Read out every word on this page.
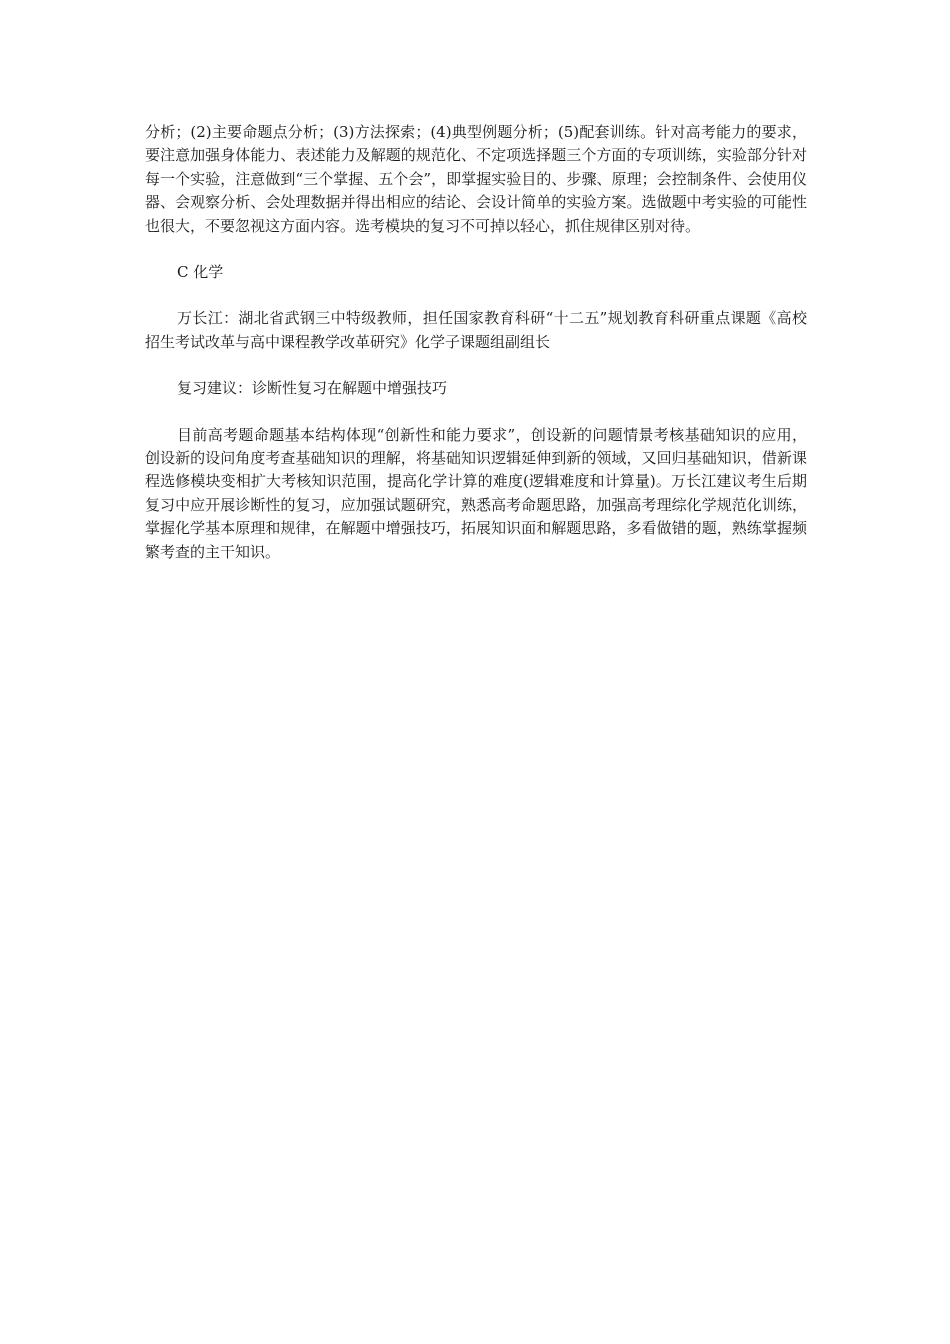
分析；(2)主要命题点分析；(3)方法探索；(4)典型例题分析；(5)配套训练。针对高考能力的要求，要注意加强身体能力、表述能力及解题的规范化、不定项选择题三个方面的专项训练，实验部分针对每一个实验，注意做到“三个掌握、五个会”，即掌握实验目的、步骤、原理；会控制条件、会使用仪器、会观察分析、会处理数据并得出相应的结论、会设计简单的实验方案。选做题中考实验的可能性也很大，不要忽视这方面内容。选考模块的复习不可掉以轻心，抓住规律区别对待。

C 化学

万长江：湖北省武钢三中特级教师，担任国家教育科研“十二五”规划教育科研重点课题《高校招生考试改革与高中课程教学改革研究》化学子课题组副组长

复习建议：诊断性复习在解题中增强技巧

目前高考题命题基本结构体现“创新性和能力要求”，创设新的问题情景考核基础知识的应用，创设新的设问角度考查基础知识的理解，将基础知识逻辑延伸到新的领域，又回归基础知识，借新课程选修模块变相扩大考核知识范围，提高化学计算的难度(逻辑难度和计算量)。万长江建议考生后期复习中应开展诊断性的复习，应加强试题研究，熟悉高考命题思路，加强高考理综化学规范化训练，掌握化学基本原理和规律，在解题中增强技巧，拓展知识面和解题思路，多看做错的题，熟练掌握频繁考查的主干知识。
